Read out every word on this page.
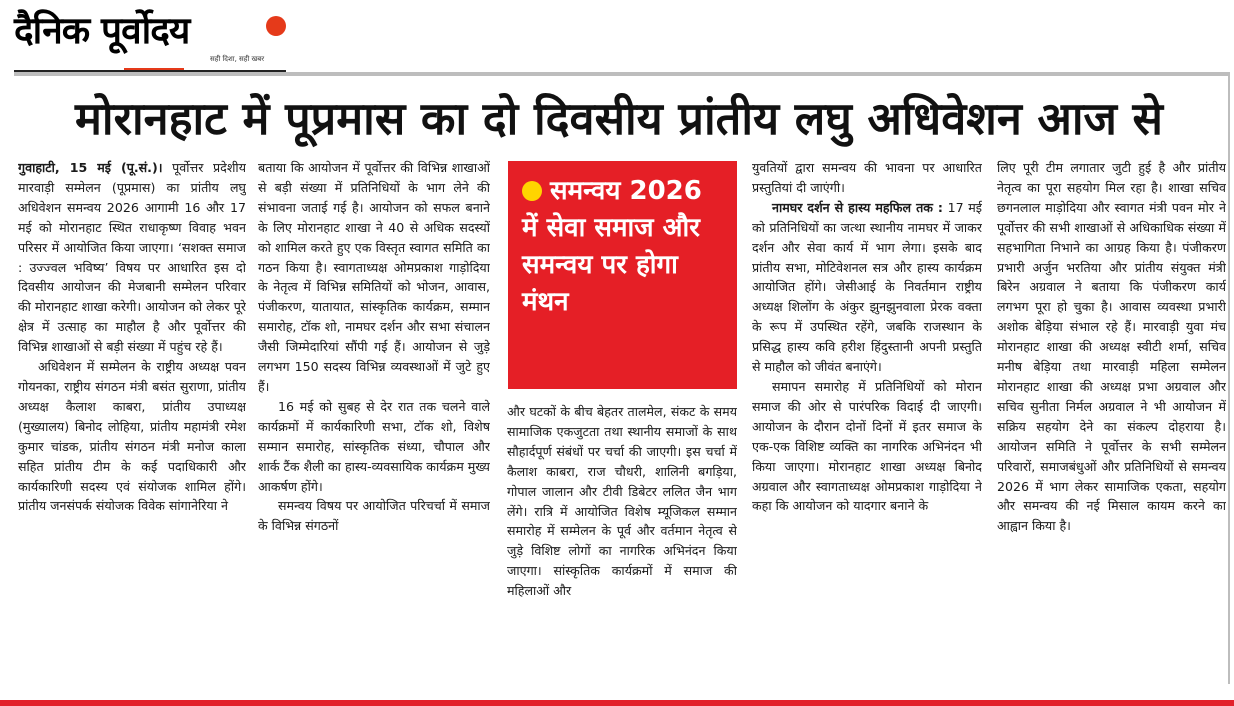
दैनिक पूर्वोदय
सही दिशा, सही खबर
मोरानहाट में पूप्रमास का दो दिवसीय प्रांतीय लघु अधिवेशन आज से

गुवाहाटी, 15 मई (पू.सं.)। पूर्वोत्तर प्रदेशीय मारवाड़ी सम्मेलन (पूप्रमास) का प्रांतीय लघु अधिवेशन समन्वय 2026 आगामी 16 और 17 मई को मोरानहाट स्थित राधाकृष्ण विवाह भवन परिसर में आयोजित किया जाएगा। ‘सशक्त समाज : उज्ज्वल भविष्य’ विषय पर आधारित इस दो दिवसीय आयोजन की मेजबानी सम्मेलन परिवार की मोरानहाट शाखा करेगी। आयोजन को लेकर पूरे क्षेत्र में उत्साह का माहौल है और पूर्वोत्तर की विभिन्न शाखाओं से बड़ी संख्या में पहुंच रहे हैं।

अधिवेशन में सम्मेलन के राष्ट्रीय अध्यक्ष पवन गोयनका, राष्ट्रीय संगठन मंत्री बसंत सुराणा, प्रांतीय अध्यक्ष कैलाश काबरा, प्रांतीय उपाध्यक्ष (मुख्यालय) बिनोद लोहिया, प्रांतीय महामंत्री रमेश कुमार चांडक, प्रांतीय संगठन मंत्री मनोज काला सहित प्रांतीय टीम के कई पदाधिकारी और कार्यकारिणी सदस्य एवं संयोजक शामिल होंगे। प्रांतीय जनसंपर्क संयोजक विवेक सांगानेरिया ने

बताया कि आयोजन में पूर्वोत्तर की विभिन्न शाखाओं से बड़ी संख्या में प्रतिनिधियों के भाग लेने की संभावना जताई गई है। आयोजन को सफल बनाने के लिए मोरानहाट शाखा ने 40 से अधिक सदस्यों को शामिल करते हुए एक विस्तृत स्वागत समिति का गठन किया है। स्वागताध्यक्ष ओमप्रकाश गाड़ोदिया के नेतृत्व में विभिन्न समितियों को भोजन, आवास, पंजीकरण, यातायात, सांस्कृतिक कार्यक्रम, सम्मान समारोह, टॉक शो, नामघर दर्शन और सभा संचालन जैसी जिम्मेदारियां सौंपी गई हैं। आयोजन से जुड़े लगभग 150 सदस्य विभिन्न व्यवस्थाओं में जुटे हुए हैं।

16 मई को सुबह से देर रात तक चलने वाले कार्यक्रमों में कार्यकारिणी सभा, टॉक शो, विशेष सम्मान समारोह, सांस्कृतिक संध्या, चौपाल और शार्क टैंक शैली का हास्य-व्यवसायिक कार्यक्रम मुख्य आकर्षण होंगे।

समन्वय विषय पर आयोजित परिचर्चा में समाज के विभिन्न संगठनों

समन्वय 2026 में सेवा समाज और समन्वय पर होगा मंथन

और घटकों के बीच बेहतर तालमेल, संकट के समय सामाजिक एकजुटता तथा स्थानीय समाजों के साथ सौहार्दपूर्ण संबंधों पर चर्चा की जाएगी। इस चर्चा में कैलाश काबरा, राज चौधरी, शालिनी बगड़िया, गोपाल जालान और टीवी डिबेटर ललित जैन भाग लेंगे। रात्रि में आयोजित विशेष म्यूजिकल सम्मान समारोह में सम्मेलन के पूर्व और वर्तमान नेतृत्व से जुड़े विशिष्ट लोगों का नागरिक अभिनंदन किया जाएगा। सांस्कृतिक कार्यक्रमों में समाज की महिलाओं और

युवतियों द्वारा समन्वय की भावना पर आधारित प्रस्तुतियां दी जाएंगी।

नामघर दर्शन से हास्य महफिल तक : 17 मई को प्रतिनिधियों का जत्था स्थानीय नामघर में जाकर दर्शन और सेवा कार्य में भाग लेगा। इसके बाद प्रांतीय सभा, मोटिवेशनल सत्र और हास्य कार्यक्रम आयोजित होंगे। जेसीआई के निवर्तमान राष्ट्रीय अध्यक्ष शिलोंग के अंकुर झुनझुनवाला प्रेरक वक्ता के रूप में उपस्थित रहेंगे, जबकि राजस्थान के प्रसिद्ध हास्य कवि हरीश हिंदुस्तानी अपनी प्रस्तुति से माहौल को जीवंत बनाएंगे।

समापन समारोह में प्रतिनिधियों को मोरान समाज की ओर से पारंपरिक विदाई दी जाएगी। आयोजन के दौरान दोनों दिनों में इतर समाज के एक-एक विशिष्ट व्यक्ति का नागरिक अभिनंदन भी किया जाएगा। मोरानहाट शाखा अध्यक्ष बिनोद अग्रवाल और स्वागताध्यक्ष ओमप्रकाश गाड़ोदिया ने कहा कि आयोजन को यादगार बनाने के

लिए पूरी टीम लगातार जुटी हुई है और प्रांतीय नेतृत्व का पूरा सहयोग मिल रहा है। शाखा सचिव छगनलाल माड़ोदिया और स्वागत मंत्री पवन मोर ने पूर्वोत्तर की सभी शाखाओं से अधिकाधिक संख्या में सहभागिता निभाने का आग्रह किया है। पंजीकरण प्रभारी अर्जुन भरतिया और प्रांतीय संयुक्त मंत्री बिरेन अग्रवाल ने बताया कि पंजीकरण कार्य लगभग पूरा हो चुका है। आवास व्यवस्था प्रभारी अशोक बेड़िया संभाल रहे हैं। मारवाड़ी युवा मंच मोरानहाट शाखा की अध्यक्ष स्वीटी शर्मा, सचिव मनीष बेड़िया तथा मारवाड़ी महिला सम्मेलन मोरानहाट शाखा की अध्यक्ष प्रभा अग्रवाल और सचिव सुनीता निर्मल अग्रवाल ने भी आयोजन में सक्रिय सहयोग देने का संकल्प दोहराया है। आयोजन समिति ने पूर्वोत्तर के सभी सम्मेलन परिवारों, समाजबंधुओं और प्रतिनिधियों से समन्वय 2026 में भाग लेकर सामाजिक एकता, सहयोग और समन्वय की नई मिसाल कायम करने का आह्वान किया है।
